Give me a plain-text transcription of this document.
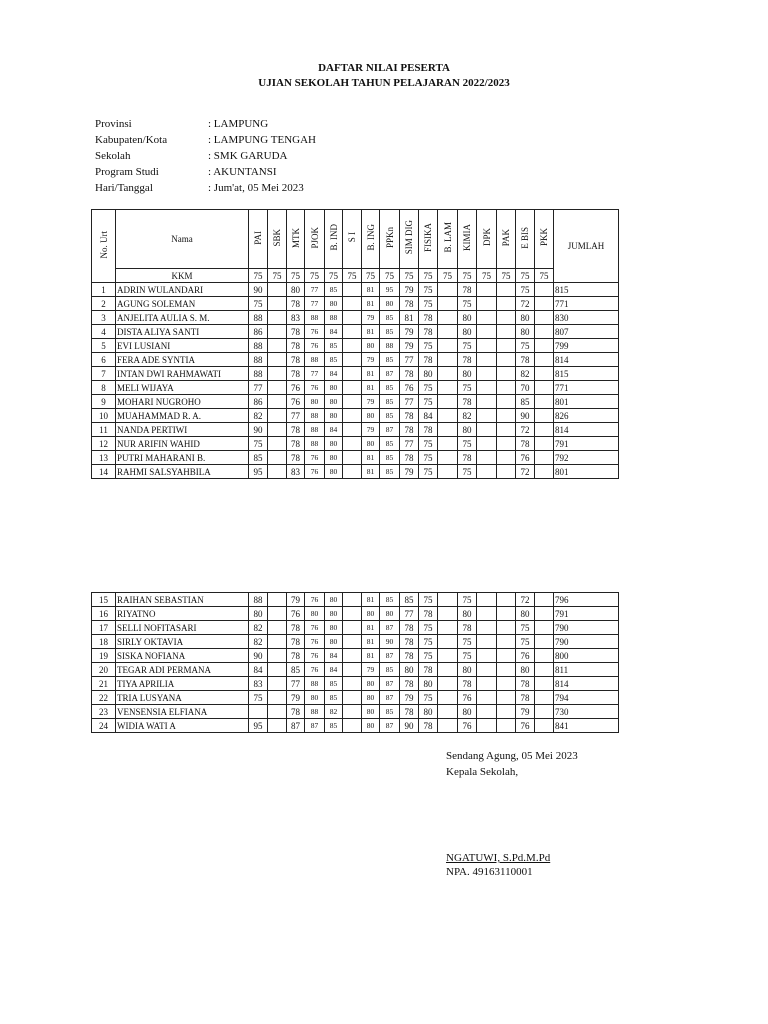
DAFTAR NILAI PESERTA
UJIAN SEKOLAH TAHUN PELAJARAN 2022/2023
Provinsi	: LAMPUNG
Kabupaten/Kota	: LAMPUNG TENGAH
Sekolah	: SMK GARUDA
Program Studi	: AKUNTANSI
Hari/Tanggal	: Jum'at, 05 Mei 2023
No. Urt	Nama	PAI	SBK	MTK	PJOK	B. IND	S I	B. ING	PPKn	SIM DIG	FISIKA	B. LAM	KIMIA	DPK	PAK	E BIS	PKK	JUMLAH
	KKM	75	75	75	75	75	75	75	75	75	75	75	75	75	75	75	75	
1	ADRIN WULANDARI	90		80	77	85		81	95	79	75		78			75		815
2	AGUNG SOLEMAN	75		78	77	80		81	80	78	75		75			72		771
3	ANJELITA AULIA S. M.	88		83	88	88		79	85	81	78		80			80		830
4	DISTA ALIYA SANTI	86		78	76	84		81	85	79	78		80			80		807
5	EVI LUSIANI	88		78	76	85		80	88	79	75		75			75		799
6	FERA ADE SYNTIA	88		78	88	85		79	85	77	78		78			78		814
7	INTAN DWI RAHMAWATI	88		78	77	84		81	87	78	80		80			82		815
8	MELI WIJAYA	77		76	76	80		81	85	76	75		75			70		771
9	MOHARI NUGROHO	86		76	80	80		79	85	77	75		78			85		801
10	MUAHAMMAD R. A.	82		77	88	80		80	85	78	84		82			90		826
11	NANDA PERTIWI	90		78	88	84		79	87	78	78		80			72		814
12	NUR ARIFIN WAHID	75		78	88	80		80	85	77	75		75			78		791
13	PUTRI MAHARANI B.	85		78	76	80		81	85	78	75		78			76		792
14	RAHMI SALSYAHBILA	95		83	76	80		81	85	79	75		75			72		801
15	RAIHAN SEBASTIAN	88		79	76	80		81	85	85	75		75			72		796
16	RIYATNO	80		76	80	80		80	80	77	78		80			80		791
17	SELLI NOFITASARI	82		78	76	80		81	87	78	75		78			75		790
18	SIRLY OKTAVIA	82		78	76	80		81	90	78	75		75			75		790
19	SISKA NOFIANA	90		78	76	84		81	87	78	75		75			76		800
20	TEGAR ADI PERMANA	84		85	76	84		79	85	80	78		80			80		811
21	TIYA APRILIA	83		77	88	85		80	87	78	80		78			78		814
22	TRIA LUSYANA	75		79	80	85		80	87	79	75		76			78		794
23	VENSENSIA ELFIANA			78	88	82		80	85	78	80		80			79		730
24	WIDIA WATI A	95		87	87	85		80	87	90	78		76			76		841
Sendang Agung, 05 Mei 2023
Kepala Sekolah,
NGATUWI, S.Pd.M.Pd
NPA. 49163110001
